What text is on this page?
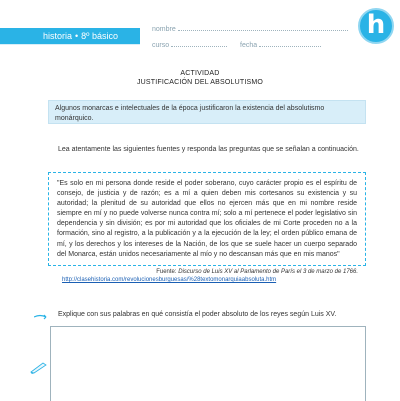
historia • 8º básico
nombre
curso	fecha
h
ACTIVIDAD
JUSTIFICACIÓN DEL ABSOLUTISMO
Algunos monarcas e intelectuales de la época justificaron la existencia del absolutismo monárquico.
Lea atentamente las siguientes fuentes y responda las preguntas que se señalan a continuación.
"Es solo en mi persona donde reside el poder soberano, cuyo carácter propio es el espíritu de consejo, de justicia y de razón; es a mí a quien deben mis cortesanos su existencia y su autoridad; la plenitud de su autoridad que ellos no ejercen más que en mi nombre reside siempre en mí y no puede volverse nunca contra mí; solo a mí pertenece el poder legislativo sin dependencia y sin división; es por mi autoridad que los oficiales de mi Corte proceden no a la formación, sino al registro, a la publicación y a la ejecución de la ley; el orden público emana de mí, y los derechos y los intereses de la Nación, de los que se suele hacer un cuerpo separado del Monarca, están unidos necesariamente al mío y no descansan más que en mis manos"
Fuente: Discurso de Luis XV al Parlamento de París el 3 de marzo de 1766.
http://clasehistoria.com/revolucionesburguesas/%28textomonarquiaabsoluta.htm
Explique con sus palabras en qué consistía el poder absoluto de los reyes según Luis XV.
